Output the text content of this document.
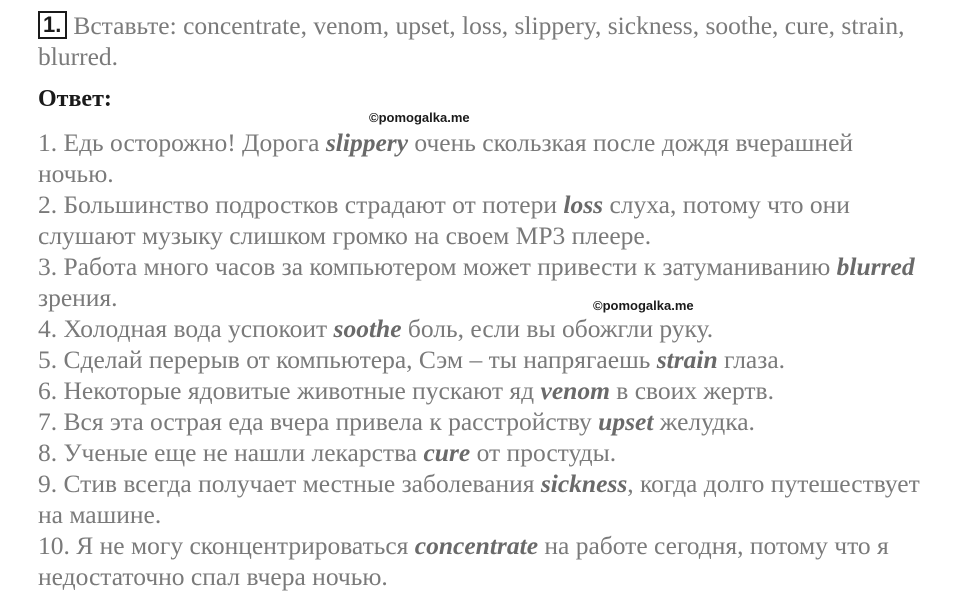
1. Вставьте: concentrate, venom, upset, loss, slippery, sickness, soothe, cure, strain, blurred.
Ответ:
©pomogalka.me
©pomogalka.me

1. Едь осторожно! Дорога slippery очень скользкая после дождя вчерашней ночью.

2. Большинство подростков страдают от потери loss слуха, потому что они слушают музыку слишком громко на своем MP3 плеере.

3. Работа много часов за компьютером может привести к затуманиванию blurred зрения.

4. Холодная вода успокоит soothe боль, если вы обожгли руку.

5. Сделай перерыв от компьютера, Сэм – ты напрягаешь strain глаза.

6. Некоторые ядовитые животные пускают яд venom в своих жертв.

7. Вся эта острая еда вчера привела к расстройству upset желудка.

8. Ученые еще не нашли лекарства cure от простуды.

9. Стив всегда получает местные заболевания sickness, когда долго путешествует на машине.

10. Я не могу сконцентрироваться concentrate на работе сегодня, потому что я недостаточно спал вчера ночью.
